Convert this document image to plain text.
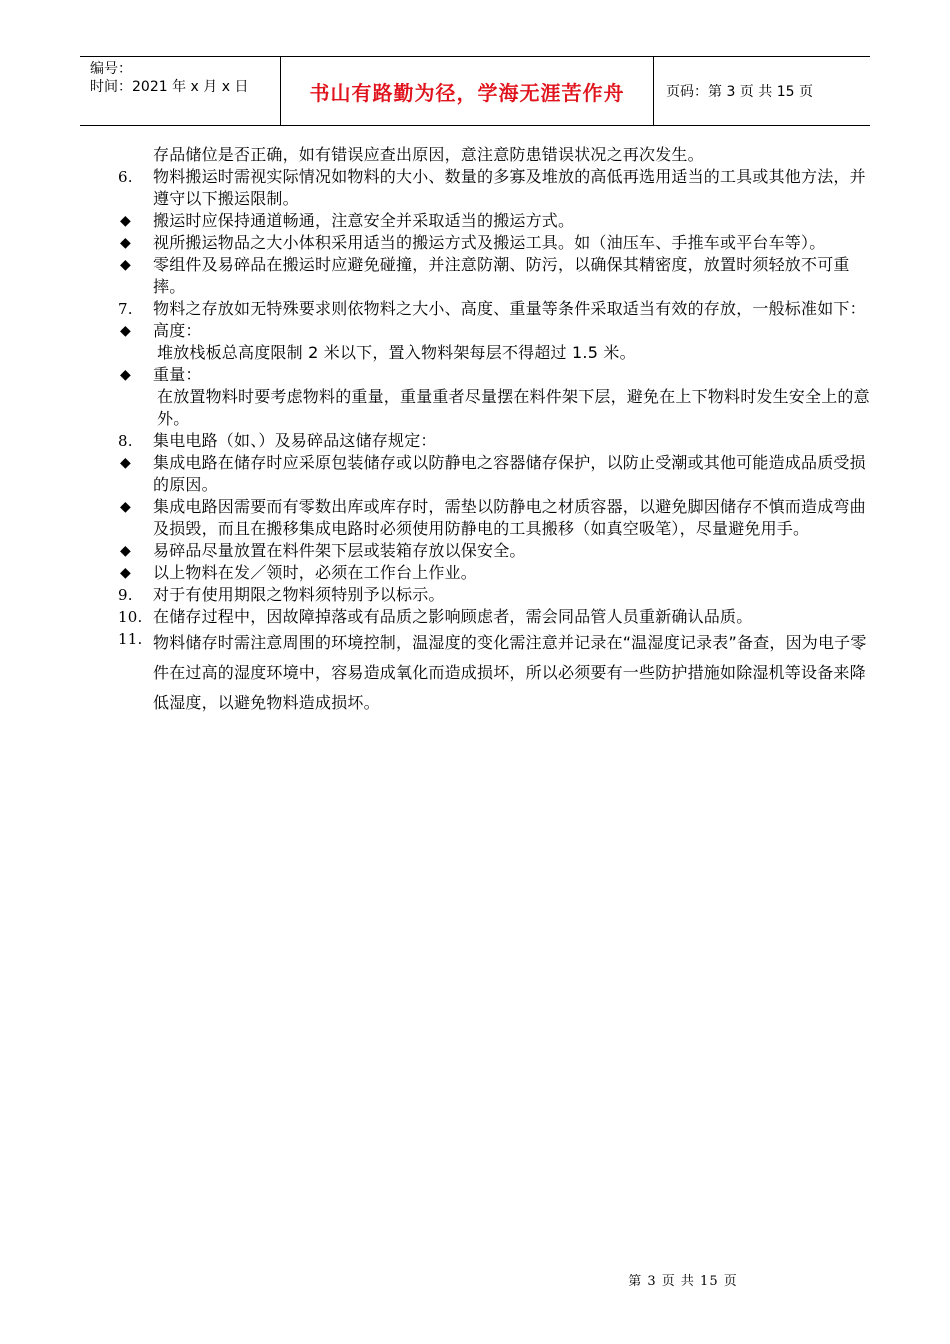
编号：
时间：2021 年 x 月 x 日	书山有路勤为径，学海无涯苦作舟	页码：第 3 页 共 15 页
存品储位是否正确，如有错误应查出原因，意注意防患错误状况之再次发生。
6. 物料搬运时需视实际情况如物料的大小、数量的多寡及堆放的高低再选用适当的工具或其他方法，并遵守以下搬运限制。
◆ 搬运时应保持通道畅通，注意安全并采取适当的搬运方式。
◆ 视所搬运物品之大小体积采用适当的搬运方式及搬运工具。如（油压车、手推车或平台车等）。
◆ 零组件及易碎品在搬运时应避免碰撞，并注意防潮、防污，以确保其精密度，放置时须轻放不可重摔。
7. 物料之存放如无特殊要求则依物料之大小、高度、重量等条件采取适当有效的存放，一般标准如下：
◆ 高度：
堆放栈板总高度限制 2 米以下，置入物料架每层不得超过 1.5 米。
◆ 重量：
在放置物料时要考虑物料的重量，重量重者尽量摆在料件架下层，避免在上下物料时发生安全上的意外。
8. 集电电路（如、）及易碎品这储存规定：
◆ 集成电路在储存时应采原包装储存或以防静电之容器储存保护，以防止受潮或其他可能造成品质受损的原因。
◆ 集成电路因需要而有零数出库或库存时，需垫以防静电之材质容器，以避免脚因储存不慎而造成弯曲及损毁，而且在搬移集成电路时必须使用防静电的工具搬移（如真空吸笔），尽量避免用手。
◆ 易碎品尽量放置在料件架下层或装箱存放以保安全。
◆ 以上物料在发／领时，必须在工作台上作业。
9. 对于有使用期限之物料须特别予以标示。
10. 在储存过程中，因故障掉落或有品质之影响顾虑者，需会同品管人员重新确认品质。
11. 物料储存时需注意周围的环境控制，温湿度的变化需注意并记录在“温湿度记录表”备查，因为电子零件在过高的湿度环境中，容易造成氧化而造成损坏，所以必须要有一些防护措施如除湿机等设备来降低湿度，以避免物料造成损坏。
第 3 页 共 15 页
